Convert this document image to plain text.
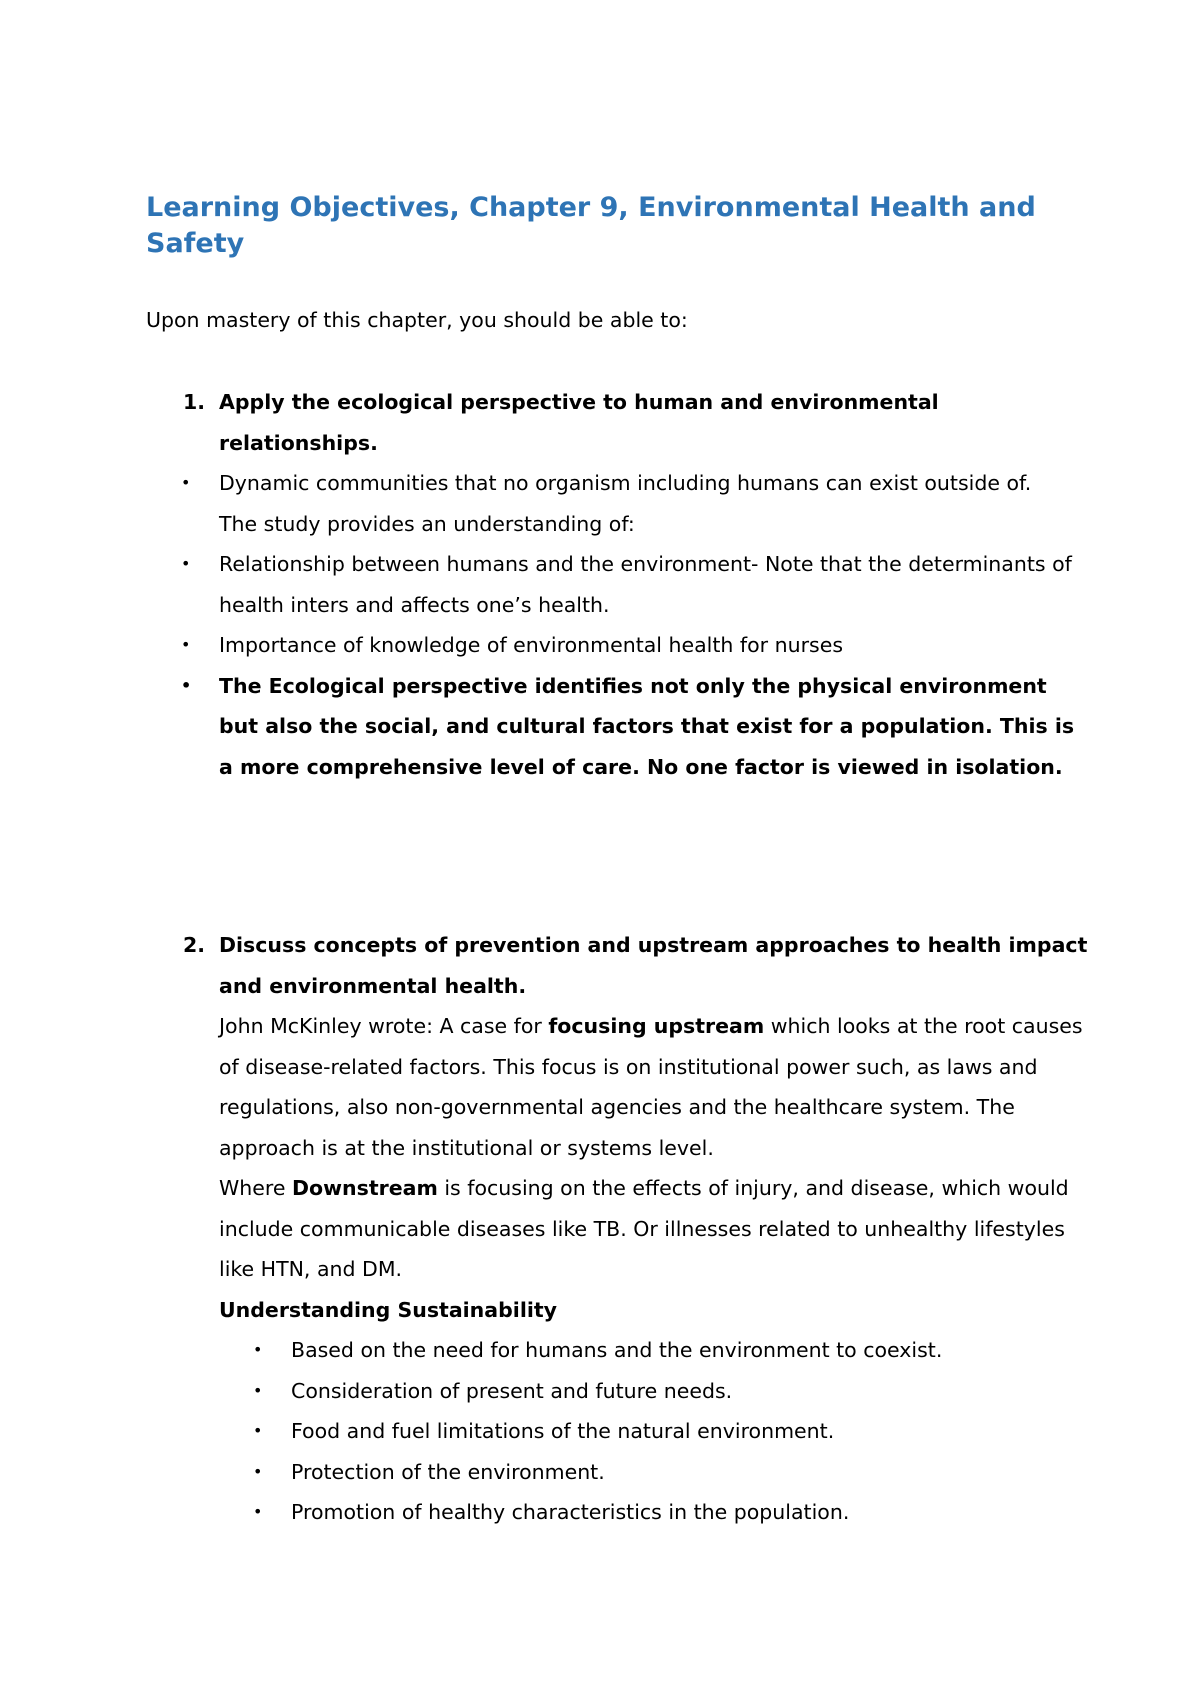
Learning Objectives, Chapter 9, Environmental Health and Safety

Upon mastery of this chapter, you should be able to:

1. Apply the ecological perspective to human and environmental relationships.

• Dynamic communities that no organism including humans can exist outside of.

The study provides an understanding of:

• Relationship between humans and the environment- Note that the determinants of health inters and affects one’s health.
• Importance of knowledge of environmental health for nurses
• The Ecological perspective identifies not only the physical environment but also the social, and cultural factors that exist for a population. This is a more comprehensive level of care. No one factor is viewed in isolation.
2. Discuss concepts of prevention and upstream approaches to health impact and environmental health.

John McKinley wrote: A case for focusing upstream which looks at the root causes of disease-related factors. This focus is on institutional power such, as laws and regulations, also non-governmental agencies and the healthcare system. The approach is at the institutional or systems level.

Where Downstream is focusing on the effects of injury, and disease, which would include communicable diseases like TB. Or illnesses related to unhealthy lifestyles like HTN, and DM.

Understanding Sustainability

• Based on the need for humans and the environment to coexist.
• Consideration of present and future needs.
• Food and fuel limitations of the natural environment.
• Protection of the environment.
• Promotion of healthy characteristics in the population.
